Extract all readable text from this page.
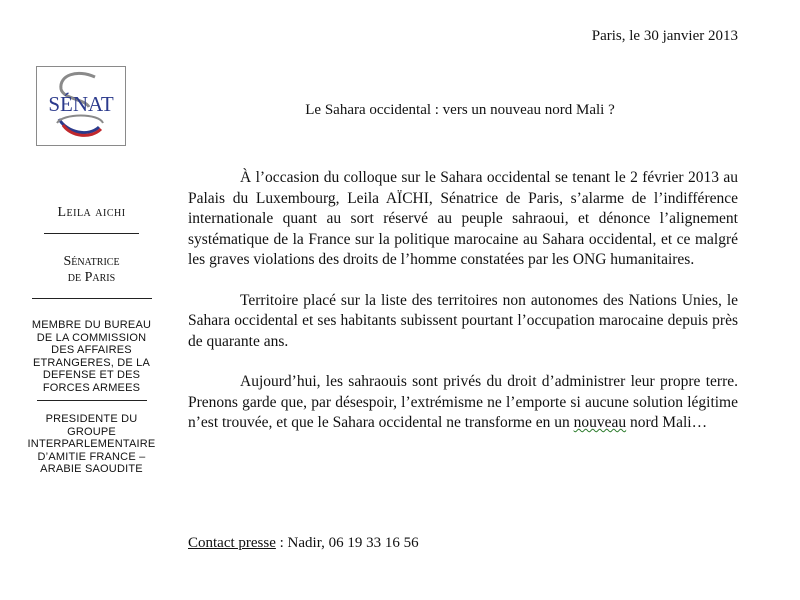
Paris, le 30 janvier 2013
SÉNAT	Le Sahara occidental : vers un nouveau nord Mali ?
Leila aichi
Sénatrice
de Paris
MEMBRE DU BUREAU
DE LA COMMISSION
DES AFFAIRES
ETRANGERES, DE LA
DEFENSE ET DES
FORCES ARMEES
PRESIDENTE DU
GROUPE
INTERPARLEMENTAIRE
D’AMITIE FRANCE –
ARABIE SAOUDITE

À l’occasion du colloque sur le Sahara occidental se tenant le 2 février 2013 au Palais du Luxembourg, Leila AÏCHI, Sénatrice de Paris, s’alarme de l’indifférence internationale quant au sort réservé au peuple sahraoui, et dénonce l’alignement systématique de la France sur la politique marocaine au Sahara occidental, et ce malgré les graves violations des droits de l’homme constatées par les ONG humanitaires.

Territoire placé sur la liste des territoires non autonomes des Nations Unies, le Sahara occidental et ses habitants subissent pourtant l’occupation marocaine depuis près de quarante ans.

Aujourd’hui, les sahraouis sont privés du droit d’administrer leur propre terre. Prenons garde que, par désespoir, l’extrémisme ne l’emporte si aucune solution légitime n’est trouvée, et que le Sahara occidental ne transforme en un nouveau nord Mali…

Contact presse : Nadir, 06 19 33 16 56
